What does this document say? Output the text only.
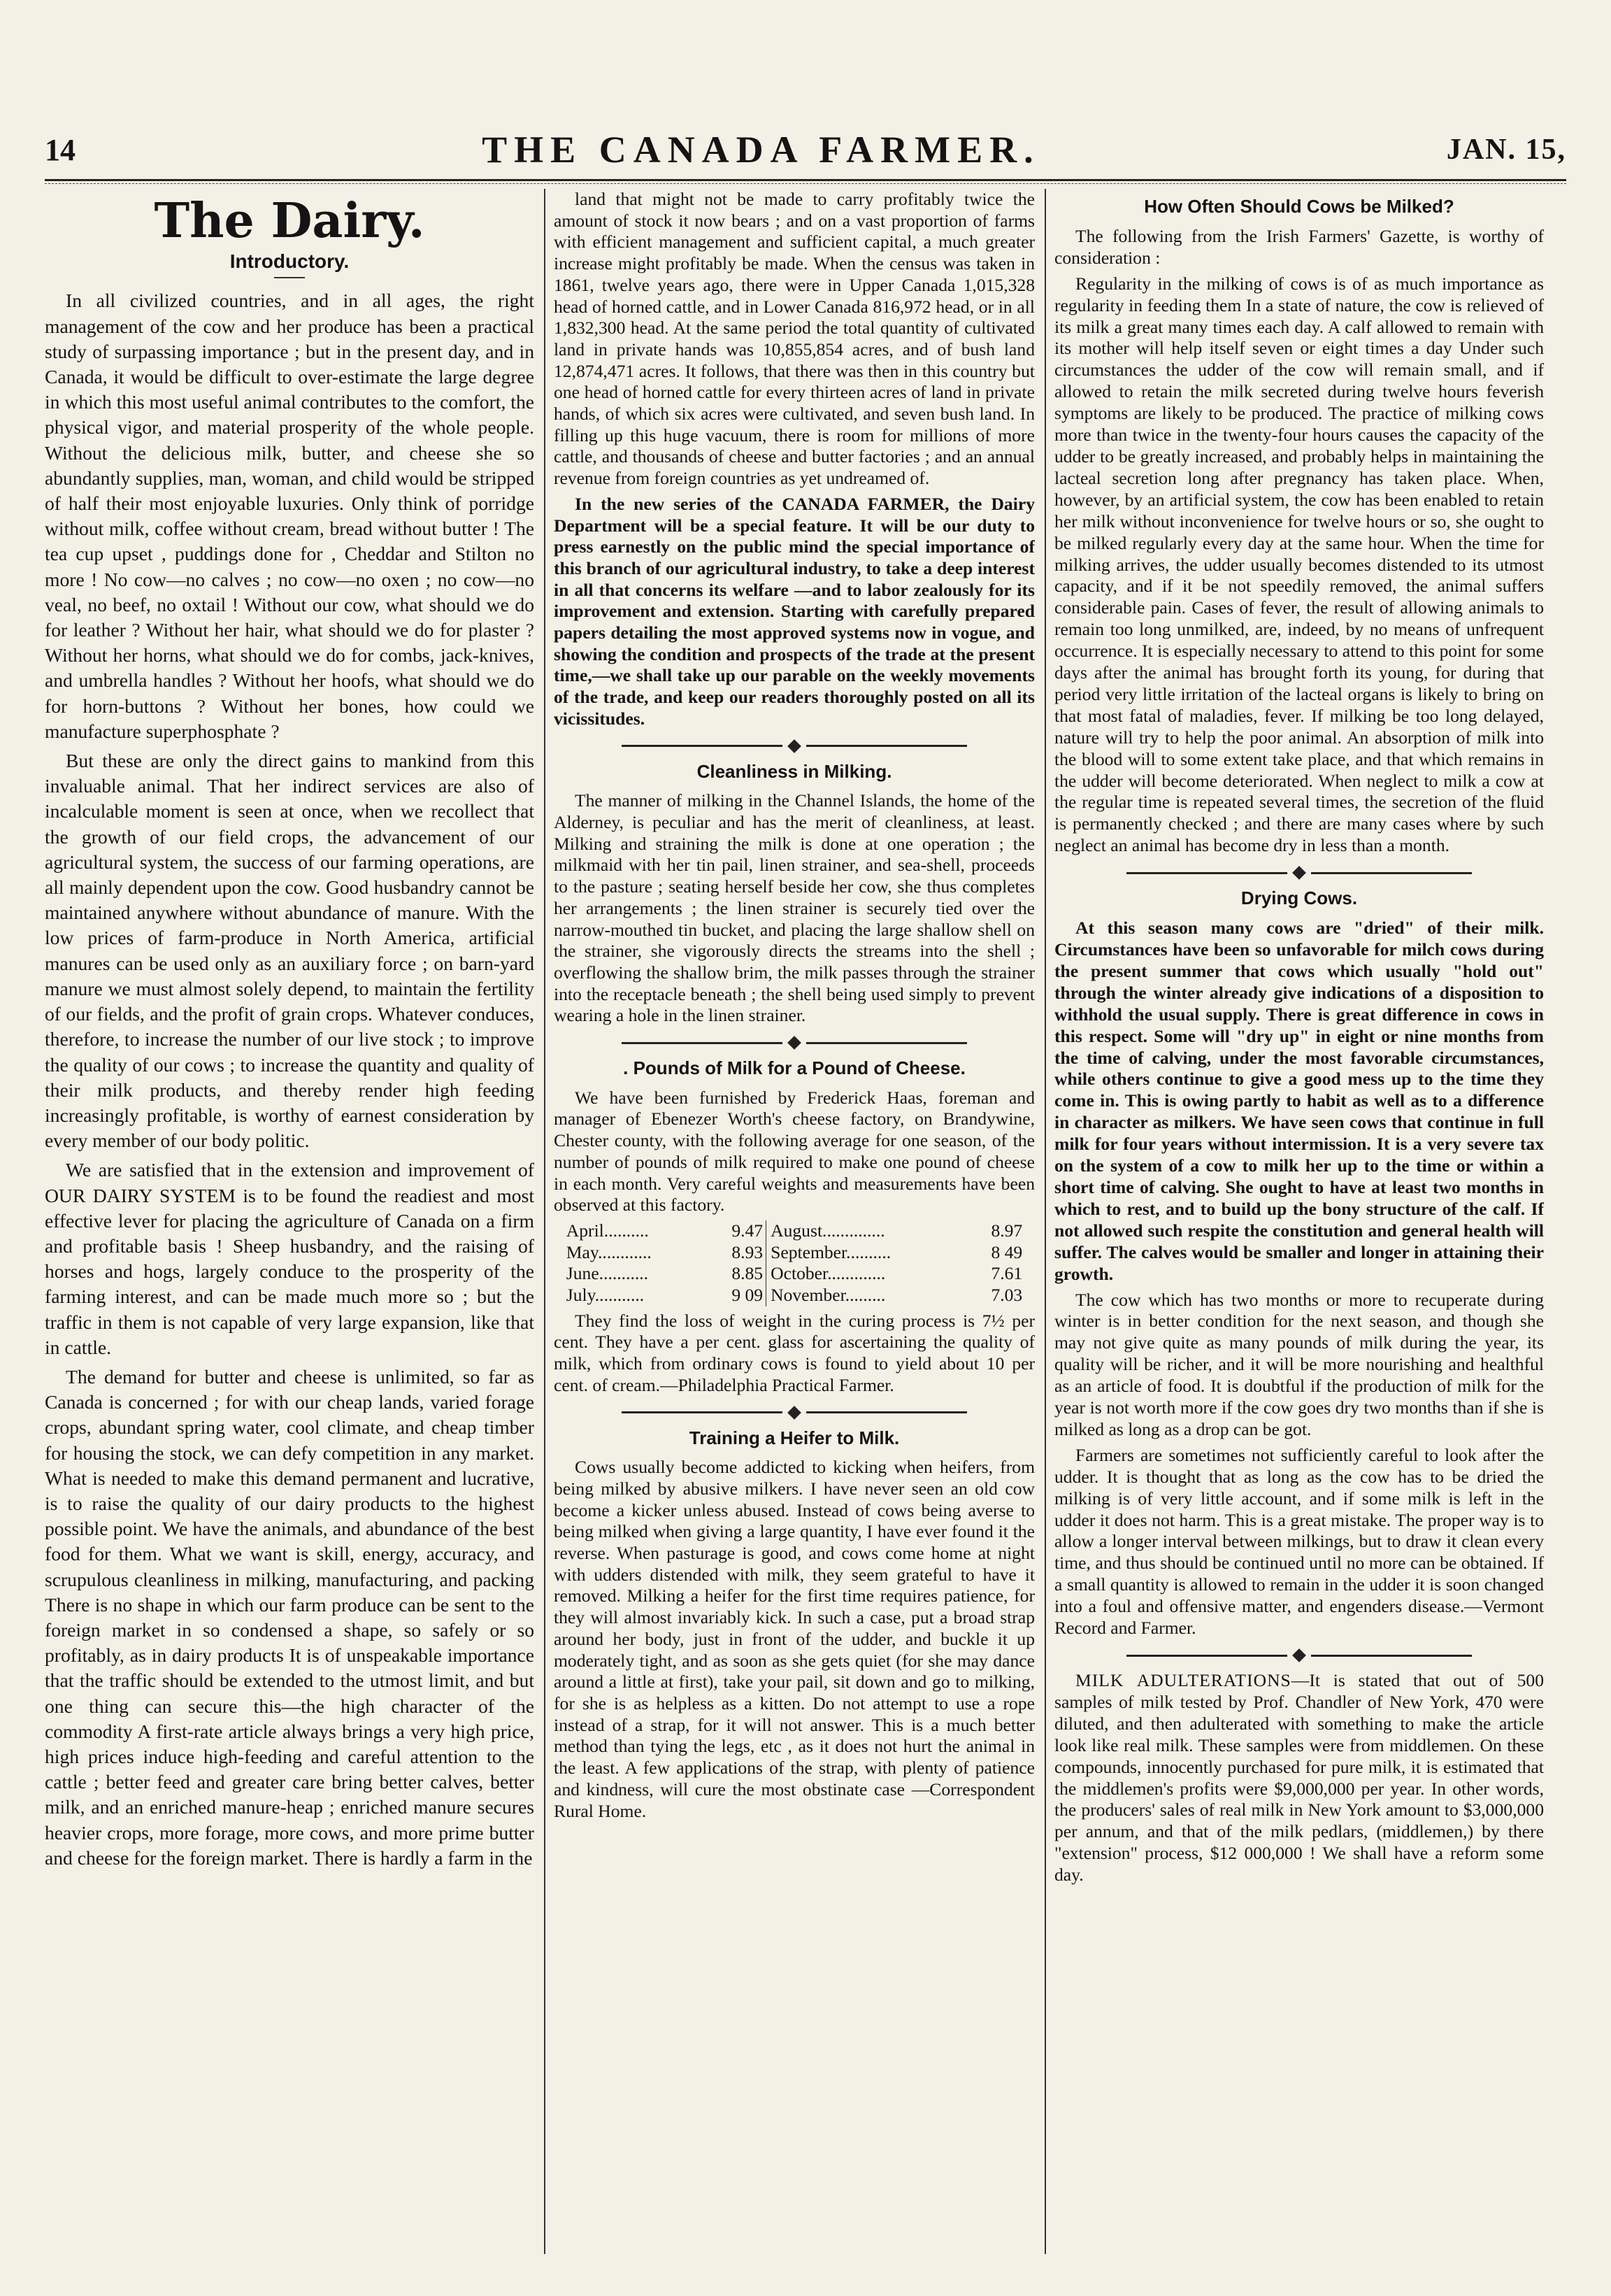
14	THE CANADA FARMER.	JAN. 15,
The Dairy.
Introductory.

In all civilized countries, and in all ages, the right management of the cow and her produce has been a practical study of surpassing importance ; but in the present day, and in Canada, it would be difficult to over-estimate the large degree in which this most useful animal contributes to the comfort, the physical vigor, and material prosperity of the whole people. Without the delicious milk, butter, and cheese she so abundantly supplies, man, woman, and child would be stripped of half their most enjoyable luxuries. Only think of porridge without milk, coffee without cream, bread without butter ! The tea cup upset , puddings done for , Cheddar and Stilton no more ! No cow—no calves ; no cow—no oxen ; no cow—no veal, no beef, no oxtail ! Without our cow, what should we do for leather ? Without her hair, what should we do for plaster ? Without her horns, what should we do for combs, jack-knives, and umbrella handles ? Without her hoofs, what should we do for horn-buttons ? Without her bones, how could we manufacture superphosphate ?

But these are only the direct gains to mankind from this invaluable animal. That her indirect services are also of incalculable moment is seen at once, when we recollect that the growth of our field crops, the advancement of our agricultural system, the success of our farming operations, are all mainly dependent upon the cow. Good husbandry cannot be maintained anywhere without abundance of manure. With the low prices of farm-produce in North America, artificial manures can be used only as an auxiliary force ; on barn-yard manure we must almost solely depend, to maintain the fertility of our fields, and the profit of grain crops. Whatever conduces, therefore, to increase the number of our live stock ; to improve the quality of our cows ; to increase the quantity and quality of their milk products, and thereby render high feeding increasingly profitable, is worthy of earnest consideration by every member of our body politic.

We are satisfied that in the extension and improvement of OUR DAIRY SYSTEM is to be found the readiest and most effective lever for placing the agriculture of Canada on a firm and profitable basis ! Sheep husbandry, and the raising of horses and hogs, largely conduce to the prosperity of the farming interest, and can be made much more so ; but the traffic in them is not capable of very large expansion, like that in cattle.

The demand for butter and cheese is unlimited, so far as Canada is concerned ; for with our cheap lands, varied forage crops, abundant spring water, cool climate, and cheap timber for housing the stock, we can defy competition in any market. What is needed to make this demand permanent and lucrative, is to raise the quality of our dairy products to the highest possible point. We have the animals, and abundance of the best food for them. What we want is skill, energy, accuracy, and scrupulous cleanliness in milking, manufacturing, and packing There is no shape in which our farm produce can be sent to the foreign market in so condensed a shape, so safely or so profitably, as in dairy products It is of unspeakable importance that the traffic should be extended to the utmost limit, and but one thing can secure this—the high character of the commodity A first-rate article always brings a very high price, high prices induce high-feeding and careful attention to the cattle ; better feed and greater care bring better calves, better milk, and an enriched manure-heap ; enriched manure secures heavier crops, more forage, more cows, and more prime butter and cheese for the foreign market. There is hardly a farm in the

land that might not be made to carry profitably twice the amount of stock it now bears ; and on a vast proportion of farms with efficient management and sufficient capital, a much greater increase might profitably be made. When the census was taken in 1861, twelve years ago, there were in Upper Canada 1,015,328 head of horned cattle, and in Lower Canada 816,972 head, or in all 1,832,300 head. At the same period the total quantity of cultivated land in private hands was 10,855,854 acres, and of bush land 12,874,471 acres. It follows, that there was then in this country but one head of horned cattle for every thirteen acres of land in private hands, of which six acres were cultivated, and seven bush land. In filling up this huge vacuum, there is room for millions of more cattle, and thousands of cheese and butter factories ; and an annual revenue from foreign countries as yet undreamed of.

In the new series of the CANADA FARMER, the Dairy Department will be a special feature. It will be our duty to press earnestly on the public mind the special importance of this branch of our agricultural industry, to take a deep interest in all that concerns its welfare —and to labor zealously for its improvement and extension. Starting with carefully prepared papers detailing the most approved systems now in vogue, and showing the condition and prospects of the trade at the present time,—we shall take up our parable on the weekly movements of the trade, and keep our readers thoroughly posted on all its vicissitudes.

Cleanliness in Milking.

The manner of milking in the Channel Islands, the home of the Alderney, is peculiar and has the merit of cleanliness, at least. Milking and straining the milk is done at one operation ; the milkmaid with her tin pail, linen strainer, and sea-shell, proceeds to the pasture ; seating herself beside her cow, she thus completes her arrangements ; the linen strainer is securely tied over the narrow-mouthed tin bucket, and placing the large shallow shell on the strainer, she vigorously directs the streams into the shell ; overflowing the shallow brim, the milk passes through the strainer into the receptacle beneath ; the shell being used simply to prevent wearing a hole in the linen strainer.

. Pounds of Milk for a Pound of Cheese.

We have been furnished by Frederick Haas, foreman and manager of Ebenezer Worth's cheese factory, on Brandywine, Chester county, with the following average for one season, of the number of pounds of milk required to make one pound of cheese in each month. Very careful weights and measurements have been observed at this factory.

April..........	9.47		August..............	8.97
May............	8.93		September..........	8 49
June...........	8.85		October.............	7.61
July...........	9 09		November.........	7.03

They find the loss of weight in the curing process is 7½ per cent. They have a per cent. glass for ascertaining the quality of milk, which from ordinary cows is found to yield about 10 per cent. of cream.—Philadelphia Practical Farmer.

Training a Heifer to Milk.

Cows usually become addicted to kicking when heifers, from being milked by abusive milkers. I have never seen an old cow become a kicker unless abused. Instead of cows being averse to being milked when giving a large quantity, I have ever found it the reverse. When pasturage is good, and cows come home at night with udders distended with milk, they seem grateful to have it removed. Milking a heifer for the first time requires patience, for they will almost invariably kick. In such a case, put a broad strap around her body, just in front of the udder, and buckle it up moderately tight, and as soon as she gets quiet (for she may dance around a little at first), take your pail, sit down and go to milking, for she is as helpless as a kitten. Do not attempt to use a rope instead of a strap, for it will not answer. This is a much better method than tying the legs, etc , as it does not hurt the animal in the least. A few applications of the strap, with plenty of patience and kindness, will cure the most obstinate case —Correspondent Rural Home.

How Often Should Cows be Milked?

The following from the Irish Farmers' Gazette, is worthy of consideration :

Regularity in the milking of cows is of as much importance as regularity in feeding them In a state of nature, the cow is relieved of its milk a great many times each day. A calf allowed to remain with its mother will help itself seven or eight times a day Under such circumstances the udder of the cow will remain small, and if allowed to retain the milk secreted during twelve hours feverish symptoms are likely to be produced. The practice of milking cows more than twice in the twenty-four hours causes the capacity of the udder to be greatly increased, and probably helps in maintaining the lacteal secretion long after pregnancy has taken place. When, however, by an artificial system, the cow has been enabled to retain her milk without inconvenience for twelve hours or so, she ought to be milked regularly every day at the same hour. When the time for milking arrives, the udder usually becomes distended to its utmost capacity, and if it be not speedily removed, the animal suffers considerable pain. Cases of fever, the result of allowing animals to remain too long unmilked, are, indeed, by no means of unfrequent occurrence. It is especially necessary to attend to this point for some days after the animal has brought forth its young, for during that period very little irritation of the lacteal organs is likely to bring on that most fatal of maladies, fever. If milking be too long delayed, nature will try to help the poor animal. An absorption of milk into the blood will to some extent take place, and that which remains in the udder will become deteriorated. When neglect to milk a cow at the regular time is repeated several times, the secretion of the fluid is permanently checked ; and there are many cases where by such neglect an animal has become dry in less than a month.

Drying Cows.

At this season many cows are "dried" of their milk. Circumstances have been so unfavorable for milch cows during the present summer that cows which usually "hold out" through the winter already give indications of a disposition to withhold the usual supply. There is great difference in cows in this respect. Some will "dry up" in eight or nine months from the time of calving, under the most favorable circumstances, while others continue to give a good mess up to the time they come in. This is owing partly to habit as well as to a difference in character as milkers. We have seen cows that continue in full milk for four years without intermission. It is a very severe tax on the system of a cow to milk her up to the time or within a short time of calving. She ought to have at least two months in which to rest, and to build up the bony structure of the calf. If not allowed such respite the constitution and general health will suffer. The calves would be smaller and longer in attaining their growth.

The cow which has two months or more to recuperate during winter is in better condition for the next season, and though she may not give quite as many pounds of milk during the year, its quality will be richer, and it will be more nourishing and healthful as an article of food. It is doubtful if the production of milk for the year is not worth more if the cow goes dry two months than if she is milked as long as a drop can be got.

Farmers are sometimes not sufficiently careful to look after the udder. It is thought that as long as the cow has to be dried the milking is of very little account, and if some milk is left in the udder it does not harm. This is a great mistake. The proper way is to allow a longer interval between milkings, but to draw it clean every time, and thus should be continued until no more can be obtained. If a small quantity is allowed to remain in the udder it is soon changed into a foul and offensive matter, and engenders disease.—Vermont Record and Farmer.

MILK ADULTERATIONS—It is stated that out of 500 samples of milk tested by Prof. Chandler of New York, 470 were diluted, and then adulterated with something to make the article look like real milk. These samples were from middlemen. On these compounds, innocently purchased for pure milk, it is estimated that the middlemen's profits were $9,000,000 per year. In other words, the producers' sales of real milk in New York amount to $3,000,000 per annum, and that of the milk pedlars, (middlemen,) by there "extension" process, $12 000,000 ! We shall have a reform some day.
